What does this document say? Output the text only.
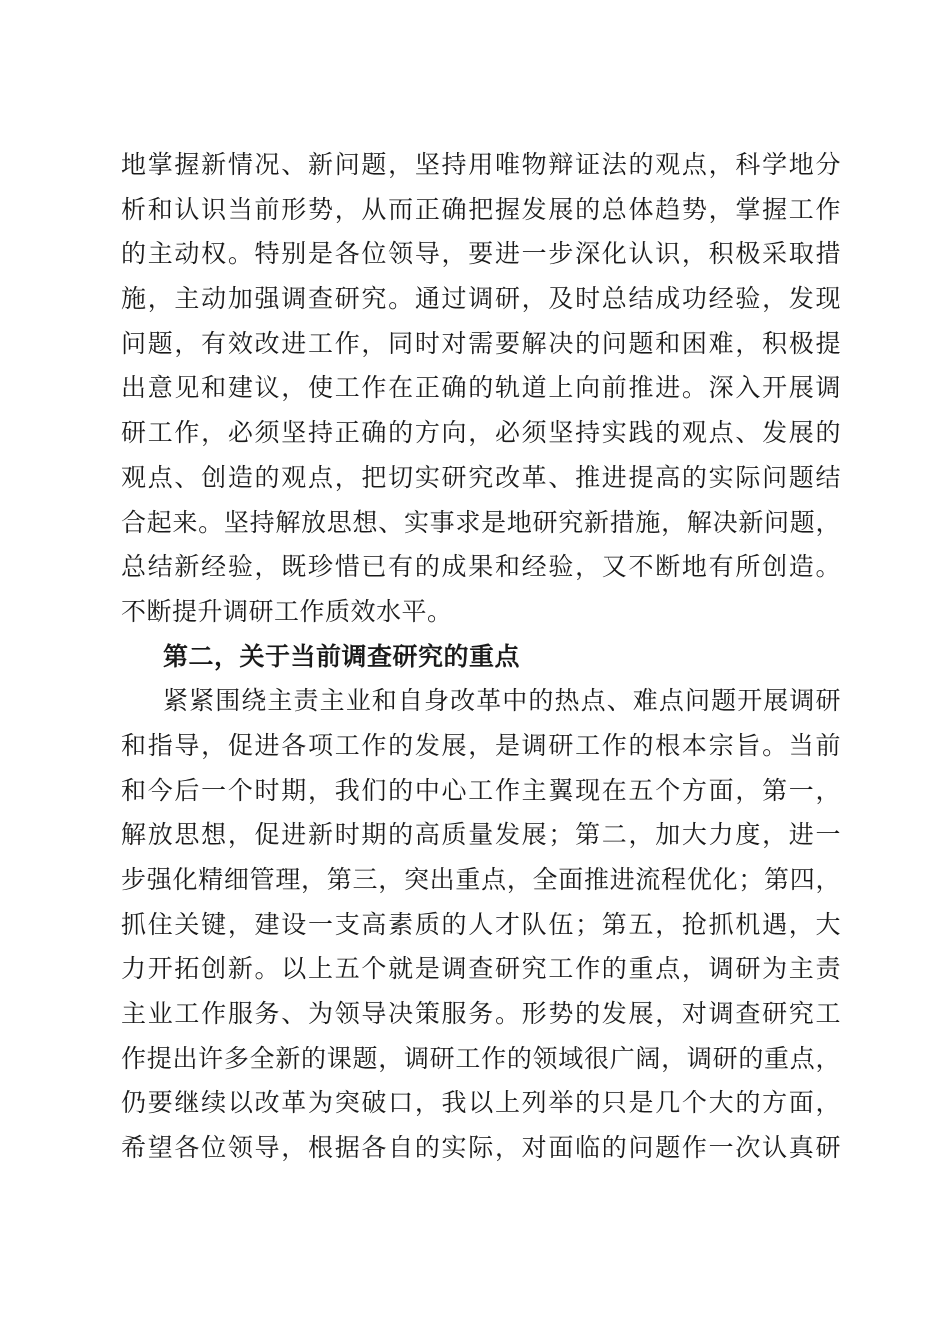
地掌握新情况、新问题，坚持用唯物辩证法的观点，科学地分
析和认识当前形势，从而正确把握发展的总体趋势，掌握工作
的主动权。特别是各位领导，要进一步深化认识，积极采取措
施，主动加强调查研究。通过调研，及时总结成功经验，发现
问题，有效改进工作，同时对需要解决的问题和困难，积极提
出意见和建议，使工作在正确的轨道上向前推进。深入开展调
研工作，必须坚持正确的方向，必须坚持实践的观点、发展的
观点、创造的观点，把切实研究改革、推进提高的实际问题结
合起来。坚持解放思想、实事求是地研究新措施，解决新问题，
总结新经验，既珍惜已有的成果和经验，又不断地有所创造。
不断提升调研工作质效水平。
第二，关于当前调查研究的重点
紧紧围绕主责主业和自身改革中的热点、难点问题开展调研
和指导，促进各项工作的发展，是调研工作的根本宗旨。当前
和今后一个时期，我们的中心工作主翼现在五个方面，第一，
解放思想，促进新时期的高质量发展；第二，加大力度，进一
步强化精细管理，第三，突出重点，全面推进流程优化；第四，
抓住关键，建设一支高素质的人才队伍；第五，抢抓机遇，大
力开拓创新。以上五个就是调查研究工作的重点，调研为主责
主业工作服务、为领导决策服务。形势的发展，对调查研究工
作提出许多全新的课题，调研工作的领域很广阔，调研的重点，
仍要继续以改革为突破口，我以上列举的只是几个大的方面，
希望各位领导，根据各自的实际，对面临的问题作一次认真研
